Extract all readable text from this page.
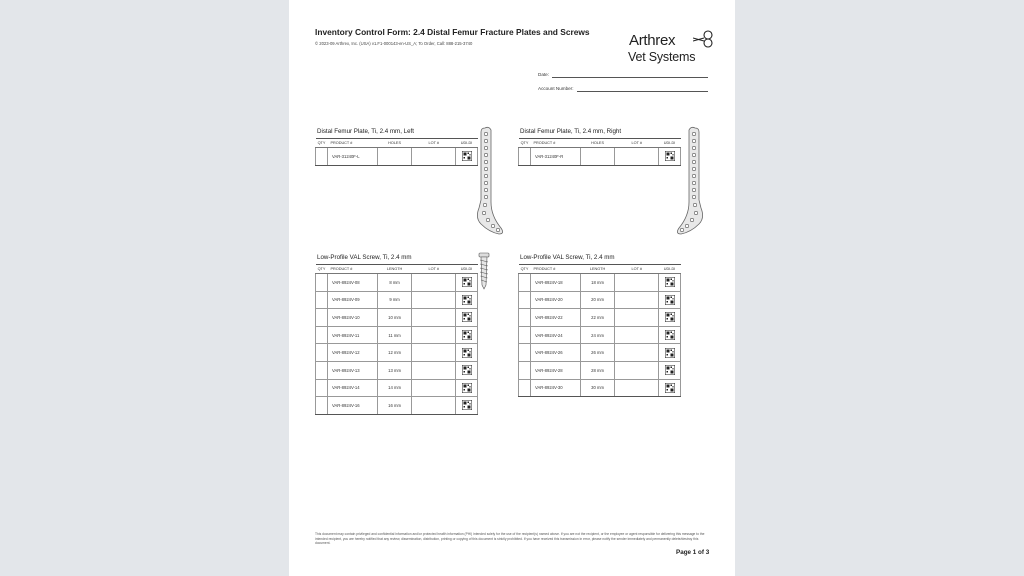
Inventory Control Form: 2.4 Distal Femur Fracture Plates and Screws
© 2023-09 Arthrex, Inc. (USA) v1.F1-000143-en-US_A; To Order, Call: 888-215-3740	Arthrex
Vet Systems
Date:
Account Number:
Distal Femur Plate, Ti, 2.4 mm, Left
QTY	PRODUCT #	HOLES	LOT #	UDI-DI
	VAR-31240F-L			
Distal Femur Plate, Ti, 2.4 mm, Right
QTY	PRODUCT #	HOLES	LOT #	UDI-DI
	VAR-31240F-R			
Low-Profile VAL Screw, Ti, 2.4 mm
QTY	PRODUCT #	LENGTH	LOT #	UDI-DI
	VAR-8924V-08	8 mm		
	VAR-8924V-09	9 mm		
	VAR-8924V-10	10 mm		
	VAR-8924V-11	11 mm		
	VAR-8924V-12	12 mm		
	VAR-8924V-13	13 mm		
	VAR-8924V-14	14 mm		
	VAR-8924V-16	16 mm		
Low-Profile VAL Screw, Ti, 2.4 mm
QTY	PRODUCT #	LENGTH	LOT #	UDI-DI
	VAR-8924V-18	18 mm		
	VAR-8924V-20	20 mm		
	VAR-8924V-22	22 mm		
	VAR-8924V-24	24 mm		
	VAR-8924V-26	26 mm		
	VAR-8924V-28	28 mm		
	VAR-8924V-30	30 mm		
This document may contain privileged and confidential information and/or protected health information (PHI) intended solely for the use of the recipient(s) named above. If you are not the recipient, or the employee or agent responsible for delivering this message to the intended recipient, you are hereby notified that any review, dissemination, distribution, printing or copying of this document is strictly prohibited. If you have received this transmission in error, please notify the sender immediately and permanently delete/destroy this document.
Page 1 of 3
